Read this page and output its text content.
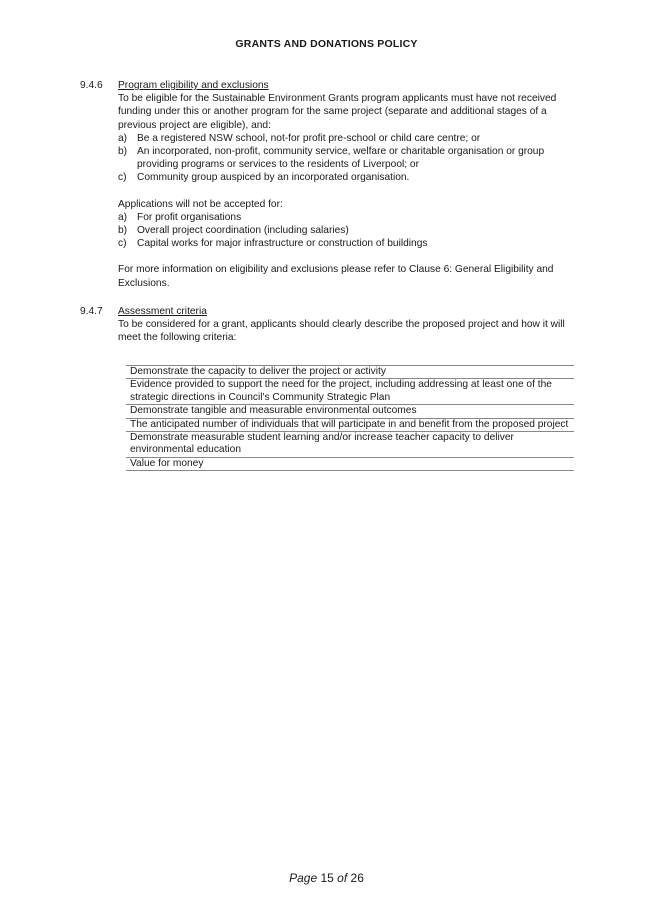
GRANTS AND DONATIONS POLICY
9.4.6 Program eligibility and exclusions

To be eligible for the Sustainable Environment Grants program applicants must have not received funding under this or another program for the same project (separate and additional stages of a previous project are eligible), and:

a) Be a registered NSW school, not-for profit pre-school or child care centre; or
b) An incorporated, non-profit, community service, welfare or charitable organisation or group providing programs or services to the residents of Liverpool; or
c) Community group auspiced by an incorporated organisation.

Applications will not be accepted for:

a) For profit organisations
b) Overall project coordination (including salaries)
c) Capital works for major infrastructure or construction of buildings

For more information on eligibility and exclusions please refer to Clause 6: General Eligibility and Exclusions.

9.4.7 Assessment criteria

To be considered for a grant, applicants should clearly describe the proposed project and how it will meet the following criteria:

Demonstrate the capacity to deliver the project or activity
Evidence provided to support the need for the project, including addressing at least one of the strategic directions in Council's Community Strategic Plan
Demonstrate tangible and measurable environmental outcomes
The anticipated number of individuals that will participate in and benefit from the proposed project
Demonstrate measurable student learning and/or increase teacher capacity to deliver environmental education
Value for money
Page 15 of 26
